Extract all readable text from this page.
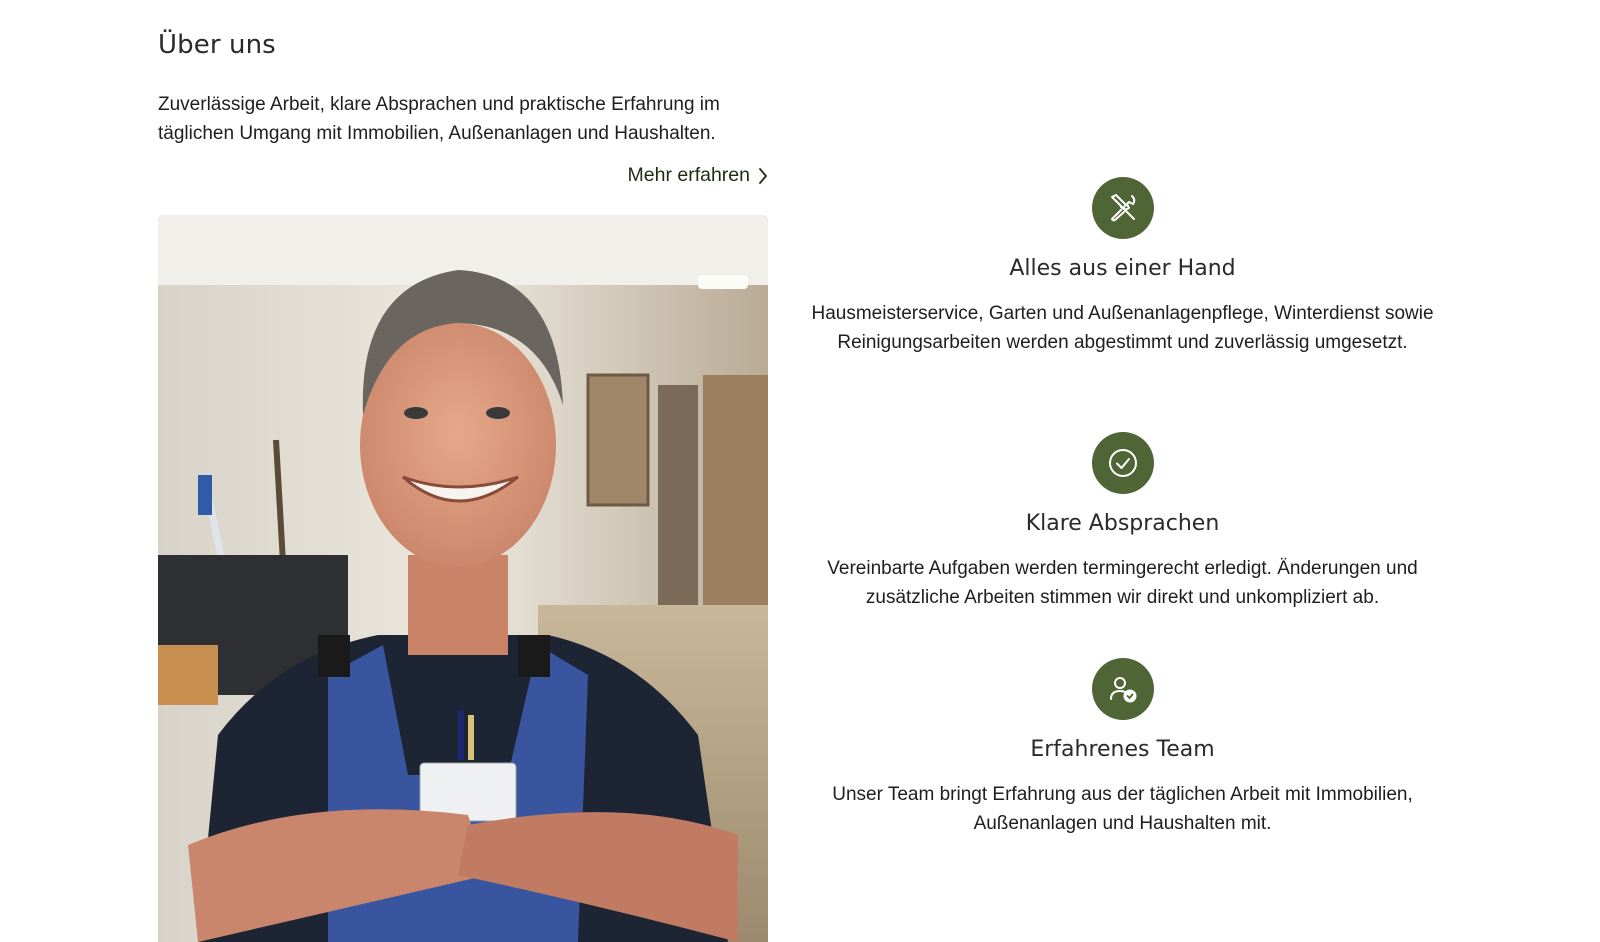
Über uns

Zuverlässige Arbeit, klare Absprachen und praktische Erfahrung im täglichen Umgang mit Immobilien, Außenanlagen und Haushalten.

Mehr erfahren
Alles aus einer Hand

Hausmeisterservice, Garten und Außenanlagenpflege, Winterdienst sowie Reinigungsarbeiten werden abgestimmt und zuverlässig umgesetzt.

Klare Absprachen

Vereinbarte Aufgaben werden termingerecht erledigt. Änderungen und zusätzliche Arbeiten stimmen wir direkt und unkompliziert ab.

Erfahrenes Team

Unser Team bringt Erfahrung aus der täglichen Arbeit mit Immobilien, Außenanlagen und Haushalten mit.
